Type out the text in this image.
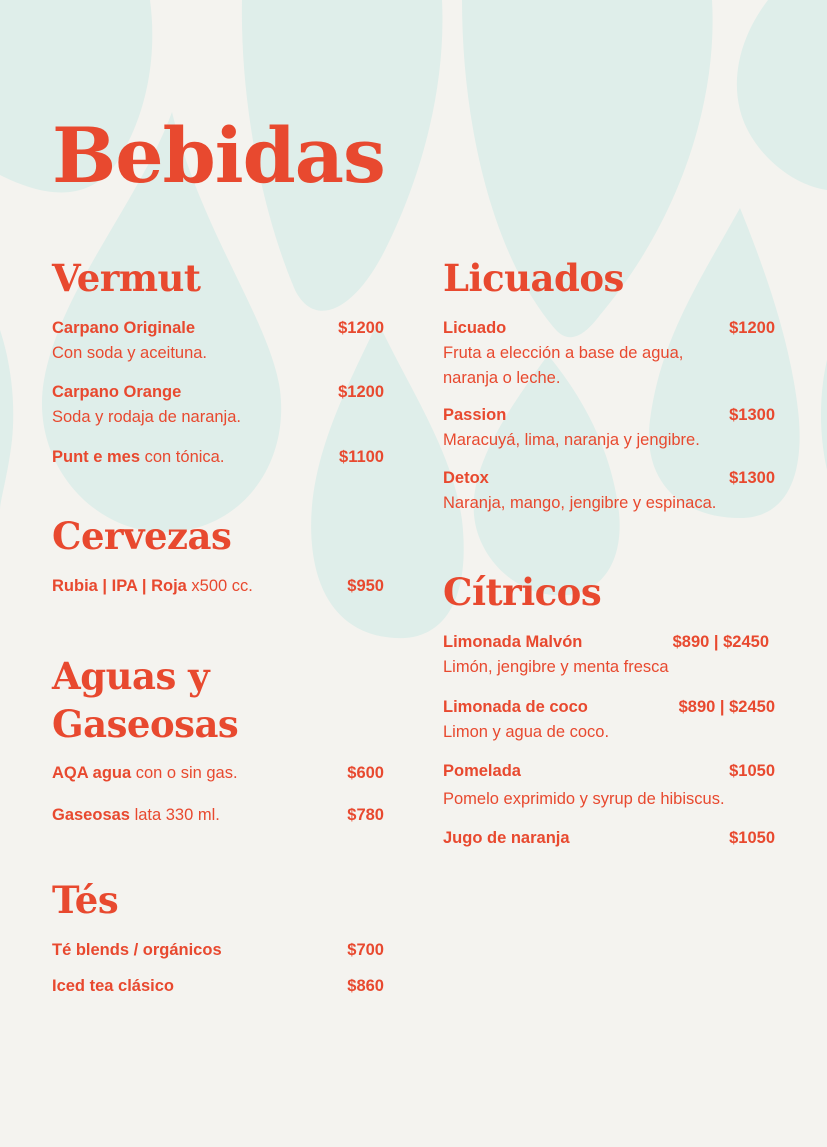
Bebidas
Vermut
Carpano Originale	$1200
Con soda y aceituna.
Carpano Orange	$1200
Soda y rodaja de naranja.
Punt e mes con tónica.	$1100
Cervezas
Rubia | IPA | Roja x500 cc.	$950
Aguas y Gaseosas
AQA agua con o sin gas.	$600
Gaseosas lata 330 ml.	$780
Tés
Té blends / orgánicos	$700
Iced tea clásico	$860
Licuados
Licuado	$1200
Fruta a elección a base de agua, naranja o leche.
Passion	$1300
Maracuyá, lima, naranja y jengibre.
Detox	$1300
Naranja, mango, jengibre y espinaca.
Cítricos
Limonada Malvón	$890 | $2450
Limón, jengibre y menta fresca
Limonada de coco	$890 | $2450
Limon y agua de coco.
Pomelada	$1050
Pomelo exprimido y syrup de hibiscus.
Jugo de naranja	$1050
